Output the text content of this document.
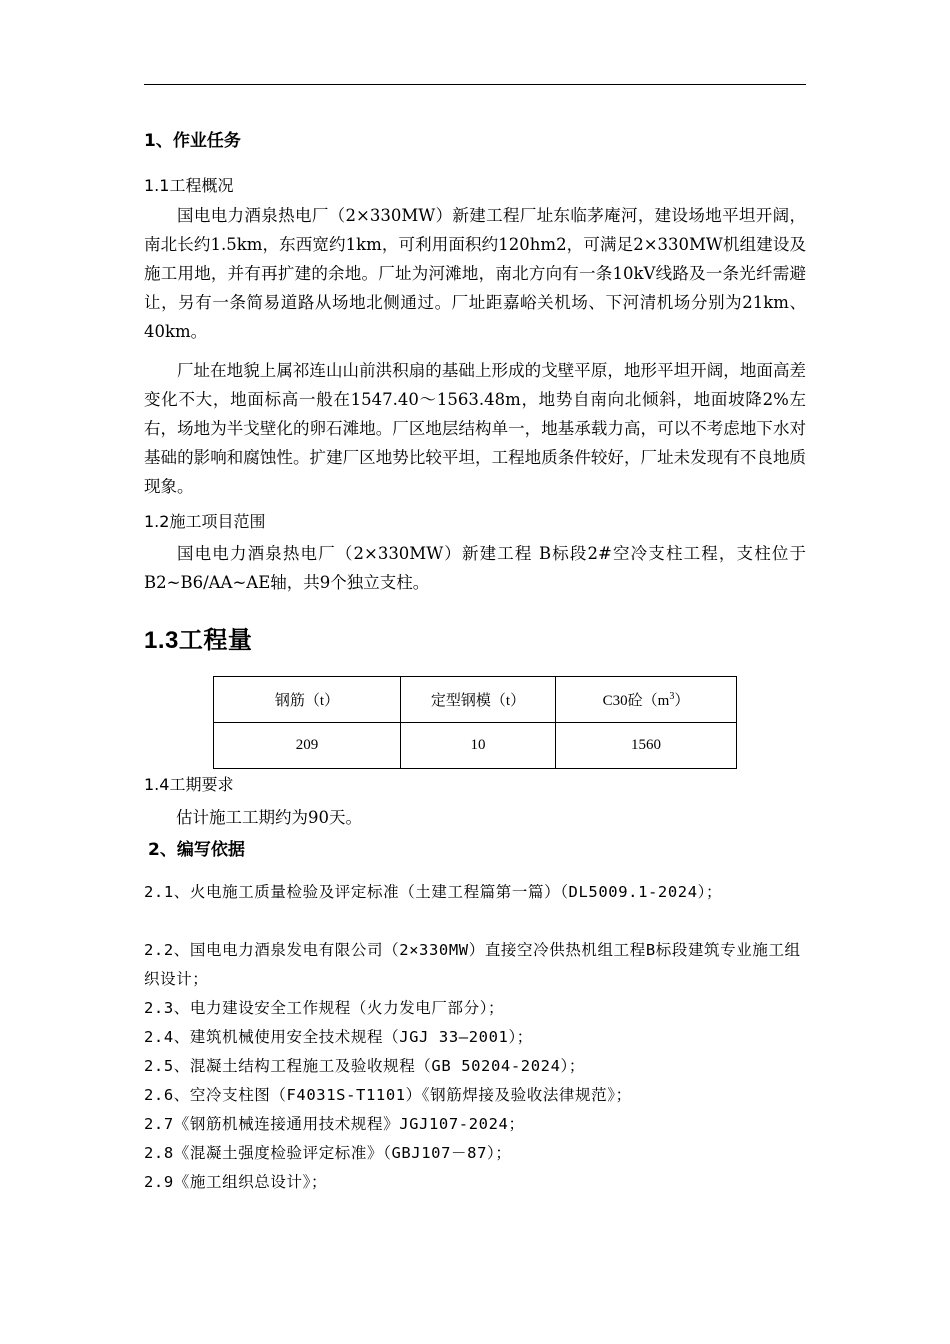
1、作业任务
1.1工程概况

国电电力酒泉热电厂（2×330MW）新建工程厂址东临茅庵河，建设场地平坦开阔，南北长约1.5km，东西宽约1km，可利用面积约120hm2，可满足2×330MW机组建设及施工用地，并有再扩建的余地。厂址为河滩地，南北方向有一条10kV线路及一条光纤需避让，另有一条简易道路从场地北侧通过。厂址距嘉峪关机场、下河清机场分别为21km、40km。

厂址在地貌上属祁连山山前洪积扇的基础上形成的戈壁平原，地形平坦开阔，地面高差变化不大，地面标高一般在1547.40～1563.48m，地势自南向北倾斜，地面坡降2%左右，场地为半戈壁化的卵石滩地。厂区地层结构单一，地基承载力高，可以不考虑地下水对基础的影响和腐蚀性。扩建厂区地势比较平坦，工程地质条件较好，厂址未发现有不良地质现象。

1.2施工项目范围

国电电力酒泉热电厂（2×330MW）新建工程 B标段2#空冷支柱工程，支柱位于B2~B6/AA~AE轴，共9个独立支柱。

1.3工程量
钢筋（t）	定型钢模（t）	C30砼$(m^3)$
209	10	1560
1.4工期要求
估计施工工期约为90天。
2、编写依据

2.1、火电施工质量检验及评定标准（土建工程篇第一篇）（DL5009.1-2024）；

2.2、国电电力酒泉发电有限公司（2×330MW）直接空冷供热机组工程B标段建筑专业施工组织设计；

2.3、电力建设安全工作规程（火力发电厂部分）；

2.4、建筑机械使用安全技术规程（JGJ 33—2001）；

2.5、混凝土结构工程施工及验收规程（GB 50204-2024）；

2.6、空冷支柱图（F4031S-T1101）《钢筋焊接及验收法律规范》；

2.7《钢筋机械连接通用技术规程》JGJ107-2024；

2.8《混凝土强度检验评定标准》（GBJ107－87）；

2.9《施工组织总设计》；
